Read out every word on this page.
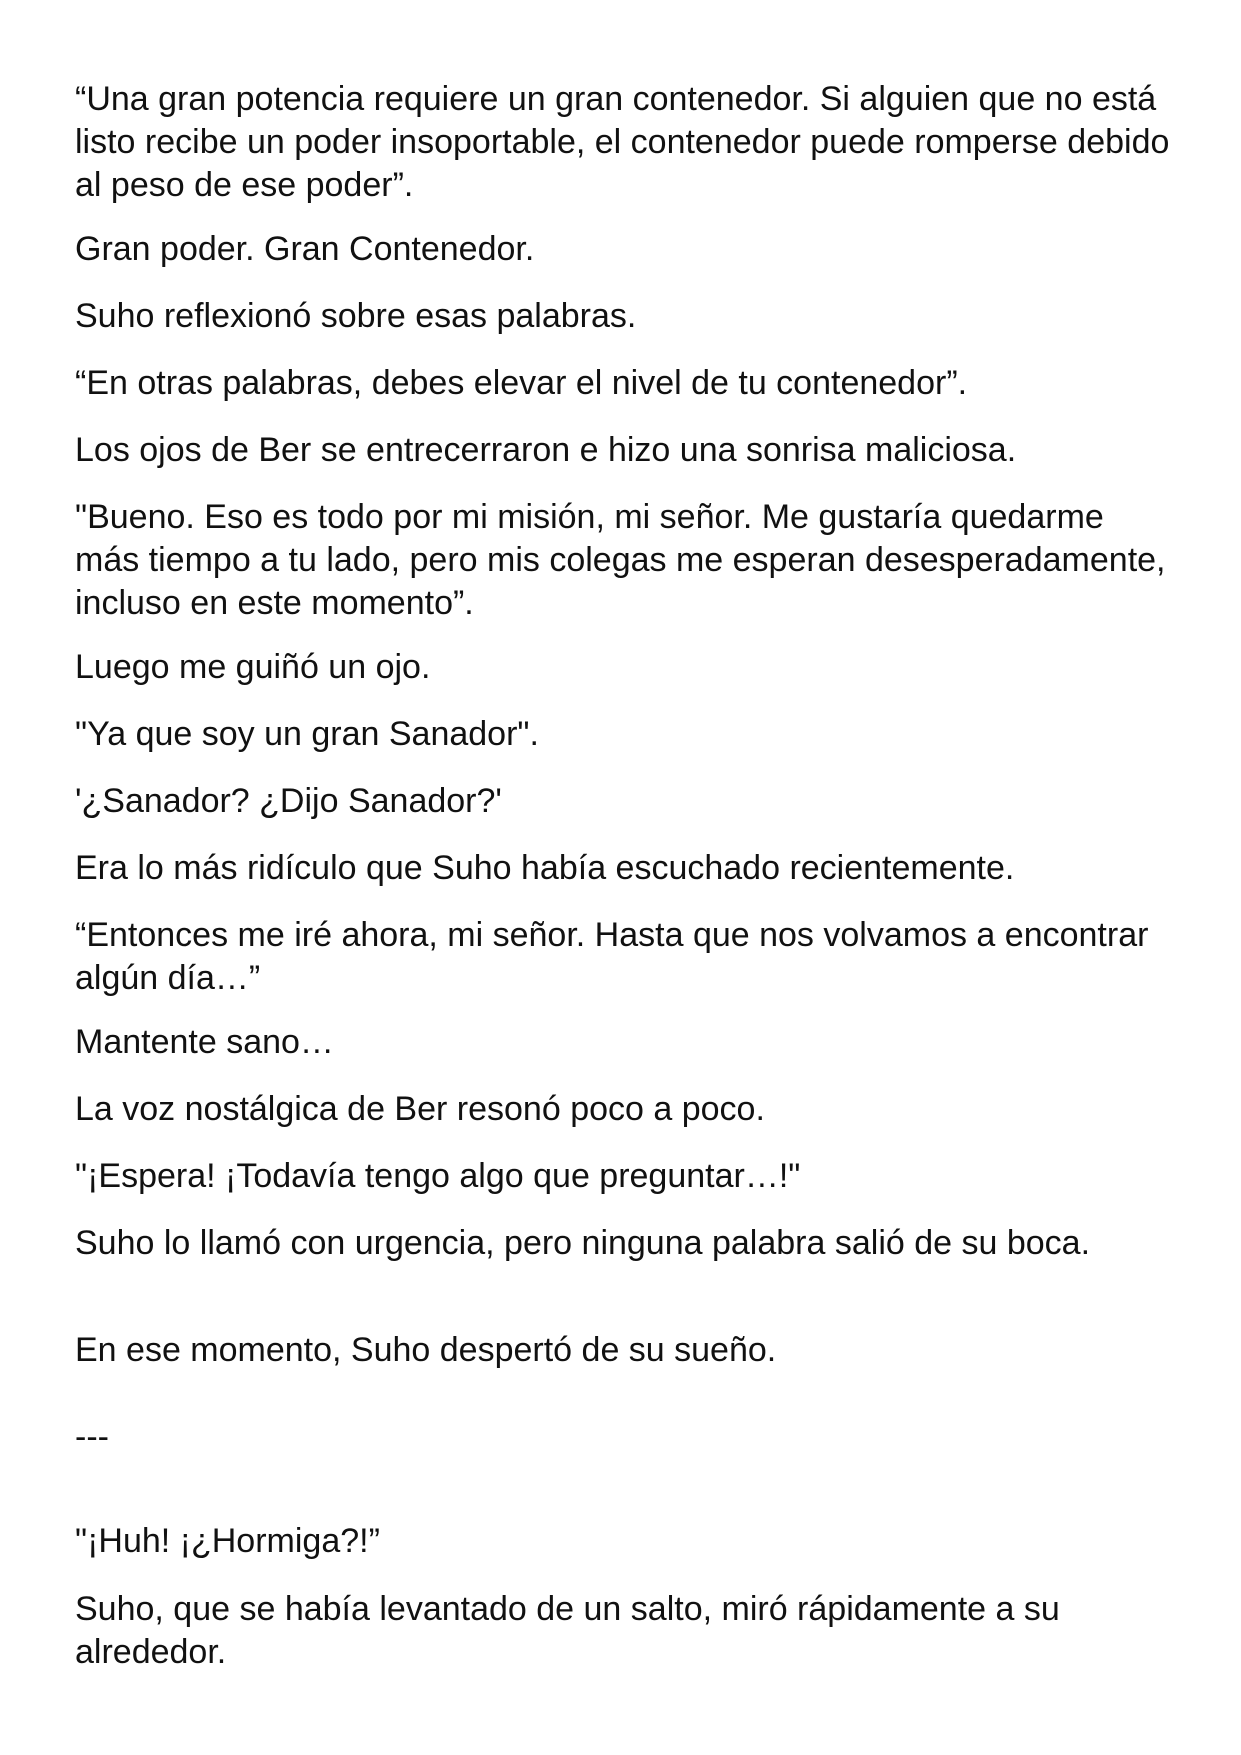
“Una gran potencia requiere un gran contenedor. Si alguien que no está listo recibe un poder insoportable, el contenedor puede romperse debido al peso de ese poder”.

Gran poder. Gran Contenedor.

Suho reflexionó sobre esas palabras.

“En otras palabras, debes elevar el nivel de tu contenedor”.

Los ojos de Ber se entrecerraron e hizo una sonrisa maliciosa.

"Bueno. Eso es todo por mi misión, mi señor. Me gustaría quedarme más tiempo a tu lado, pero mis colegas me esperan desesperadamente, incluso en este momento”.

Luego me guiñó un ojo.

"Ya que soy un gran Sanador".

'¿Sanador? ¿Dijo Sanador?'

Era lo más ridículo que Suho había escuchado recientemente.

“Entonces me iré ahora, mi señor. Hasta que nos volvamos a encontrar algún día…”

Mantente sano…

La voz nostálgica de Ber resonó poco a poco.

"¡Espera! ¡Todavía tengo algo que preguntar…!"

Suho lo llamó con urgencia, pero ninguna palabra salió de su boca.

En ese momento, Suho despertó de su sueño.

---

"¡Huh! ¡¿Hormiga?!”

Suho, que se había levantado de un salto, miró rápidamente a su alrededor.
